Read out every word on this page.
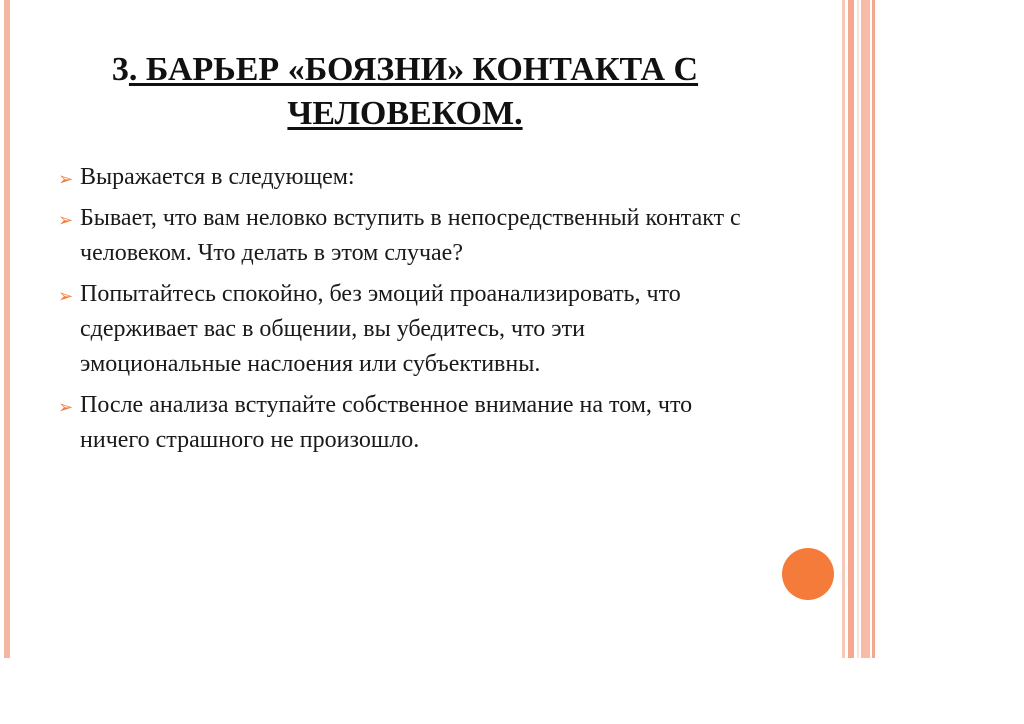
3. БАРЬЕР «БОЯЗНИ» КОНТАКТА С ЧЕЛОВЕКОМ.
➢ Выражается в следующем:
➢ Бывает, что вам неловко вступить в непосредственный контакт с человеком. Что делать в этом случае?
➢ Попытайтесь спокойно, без эмоций проанализировать, что сдерживает вас в общении, вы убедитесь, что эти эмоциональные наслоения или субъективны.
➢ После анализа вступайте собственное внимание на том, что ничего страшного не произошло.
